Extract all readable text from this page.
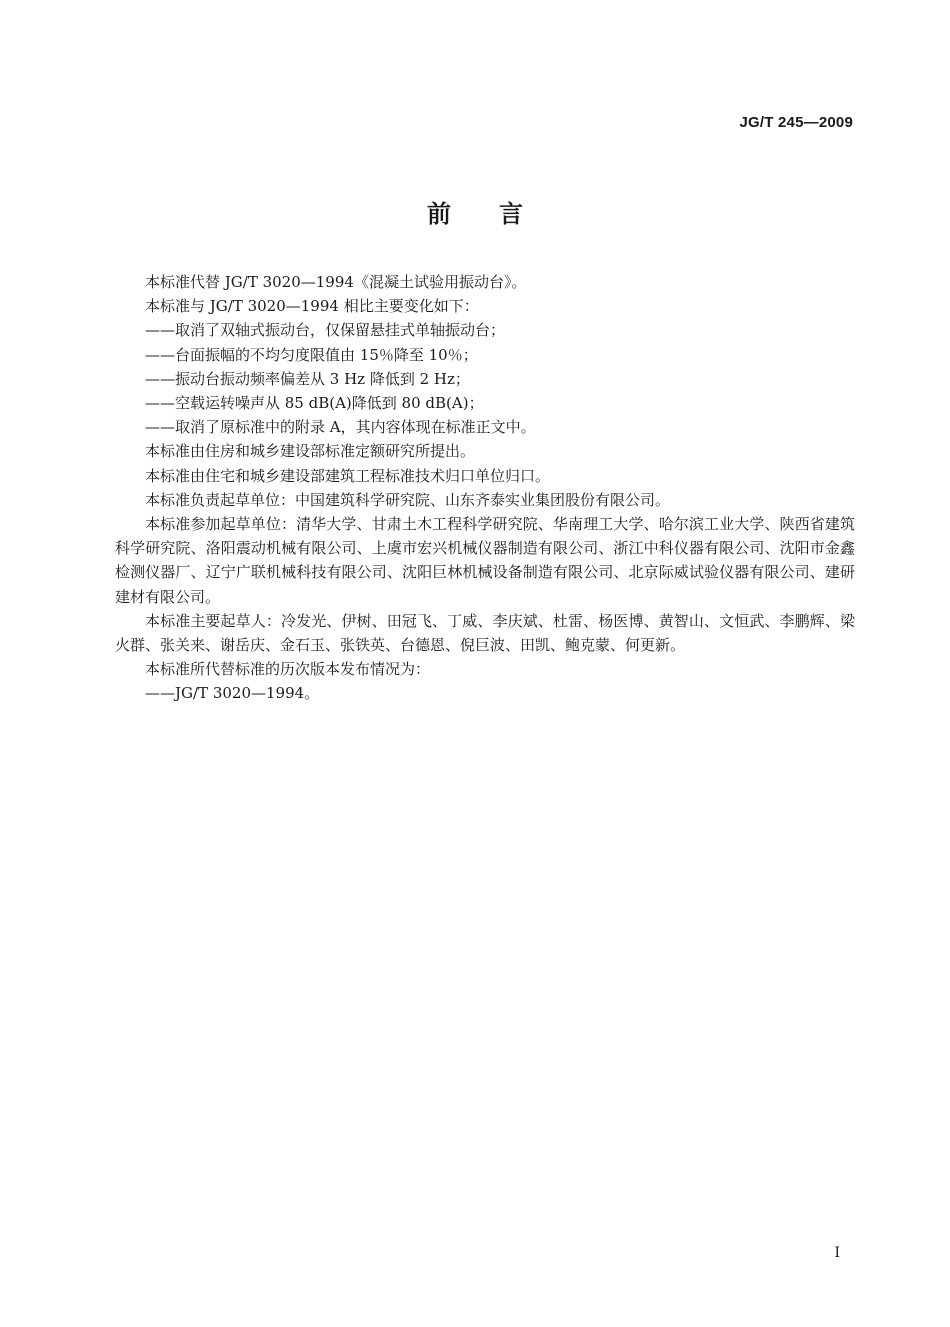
JG/T 245—2009
前 言

本标准代替 JG/T 3020—1994《混凝土试验用振动台》。

本标准与 JG/T 3020—1994 相比主要变化如下：

——取消了双轴式振动台，仅保留悬挂式单轴振动台；

——台面振幅的不均匀度限值由 15％降至 10％；

——振动台振动频率偏差从 3 Hz 降低到 2 Hz；

——空载运转噪声从 85 dB(A)降低到 80 dB(A)；

——取消了原标准中的附录 A，其内容体现在标准正文中。

本标准由住房和城乡建设部标准定额研究所提出。

本标准由住宅和城乡建设部建筑工程标准技术归口单位归口。

本标准负责起草单位：中国建筑科学研究院、山东齐泰实业集团股份有限公司。

本标准参加起草单位：清华大学、甘肃土木工程科学研究院、华南理工大学、哈尔滨工业大学、陕西省建筑科学研究院、洛阳震动机械有限公司、上虞市宏兴机械仪器制造有限公司、浙江中科仪器有限公司、沈阳市金鑫检测仪器厂、辽宁广联机械科技有限公司、沈阳巨林机械设备制造有限公司、北京际威试验仪器有限公司、建研建材有限公司。

本标准主要起草人：冷发光、伊树、田冠飞、丁威、李庆斌、杜雷、杨医博、黄智山、文恒武、李鹏辉、梁火群、张关来、谢岳庆、金石玉、张铁英、台德恩、倪巨波、田凯、鲍克蒙、何更新。

本标准所代替标准的历次版本发布情况为：

——JG/T 3020—1994。

I
